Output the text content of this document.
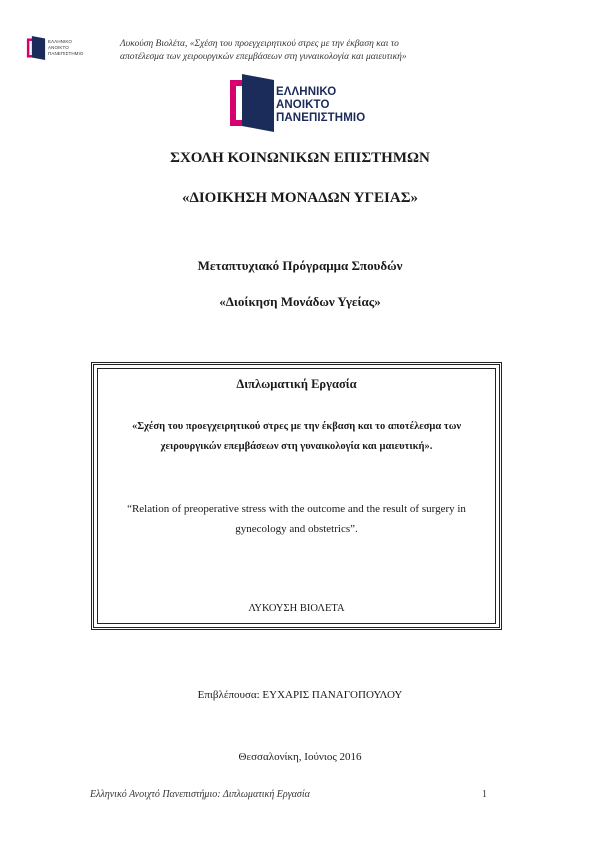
ΕΛΛΗΝΙΚΟ
ΑΝΟΙΚΤΟ
ΠΑΝΕΠΙΣΤΗΜΙΟ
Λυκούση Βιολέτα, «Σχέση του προεγχειρητικού στρες με την έκβαση και το
αποτέλεσμα των χειρουργικών επεμβάσεων στη γυναικολογία και μαιευτική»
ΕΛΛΗΝΙΚΟ
ΑΝΟΙΚΤΟ
ΠΑΝΕΠΙΣΤΗΜΙΟ
ΣΧΟΛΗ ΚΟΙΝΩΝΙΚΩΝ ΕΠΙΣΤΗΜΩΝ
«ΔΙΟΙΚΗΣΗ ΜΟΝΑΔΩΝ ΥΓΕΙΑΣ»
Μεταπτυχιακό Πρόγραμμα Σπουδών
«Διοίκηση Μονάδων Υγείας»
Διπλωματική Εργασία
«Σχέση του προεγχειρητικού στρες με την έκβαση και το αποτέλεσμα των
χειρουργικών επεμβάσεων στη γυναικολογία και μαιευτική».
“Relation of preoperative stress with the outcome and the result of surgery in
gynecology and obstetrics”.
ΛΥΚΟΥΣΗ ΒΙΟΛΕΤΑ
Επιβλέπουσα: ΕΥΧΑΡΙΣ ΠΑΝΑΓΟΠΟΥΛΟΥ
Θεσσαλονίκη, Ιούνιος 2016
Ελληνικό Ανοιχτό Πανεπιστήμιο: Διπλωματική Εργασία	1
